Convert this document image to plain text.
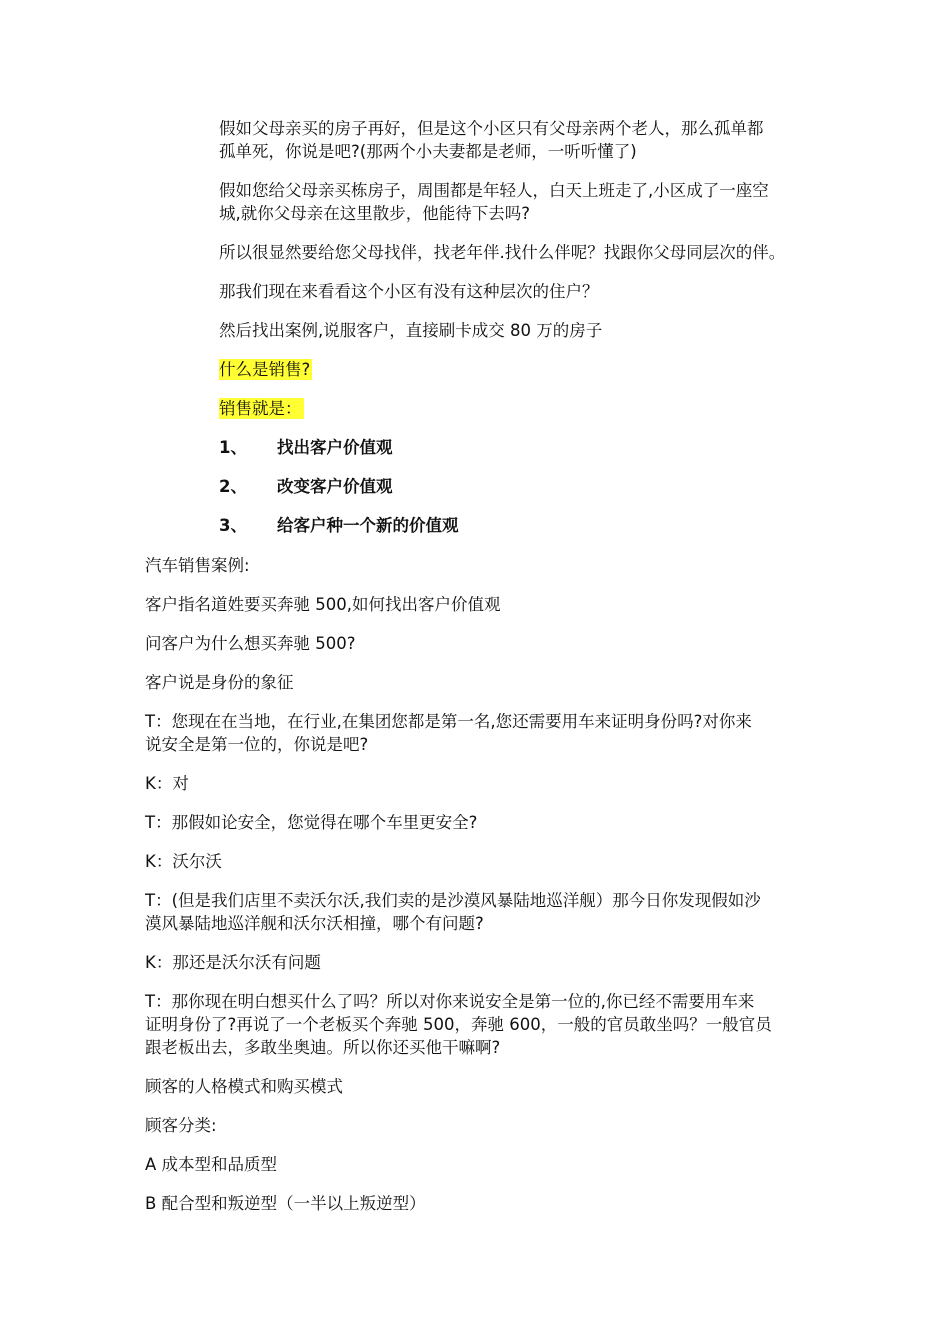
假如父母亲买的房子再好，但是这个小区只有父母亲两个老人，那么孤单都
孤单死，你说是吧?(那两个小夫妻都是老师，一听听懂了)
假如您给父母亲买栋房子，周围都是年轻人，白天上班走了,小区成了一座空
城,就你父母亲在这里散步，他能待下去吗?
所以很显然要给您父母找伴，找老年伴.找什么伴呢？找跟你父母同层次的伴。
那我们现在来看看这个小区有没有这种层次的住户？
然后找出案例,说服客户，直接刷卡成交 80 万的房子
什么是销售?
销售就是：
1、 找出客户价值观
2、 改变客户价值观
3、 给客户种一个新的价值观
汽车销售案例:
客户指名道姓要买奔驰 500,如何找出客户价值观
问客户为什么想买奔驰 500?
客户说是身份的象征
T：您现在在当地，在行业,在集团您都是第一名,您还需要用车来证明身份吗?对你来
说安全是第一位的，你说是吧?
K：对
T：那假如论安全，您觉得在哪个车里更安全?
K：沃尔沃
T：(但是我们店里不卖沃尔沃,我们卖的是沙漠风暴陆地巡洋舰）那今日你发现假如沙
漠风暴陆地巡洋舰和沃尔沃相撞，哪个有问题?
K：那还是沃尔沃有问题
T：那你现在明白想买什么了吗？所以对你来说安全是第一位的,你已经不需要用车来
证明身份了?再说了一个老板买个奔驰 500，奔驰 600，一般的官员敢坐吗？一般官员
跟老板出去，多敢坐奥迪。所以你还买他干嘛啊?
顾客的人格模式和购买模式
顾客分类:
A 成本型和品质型
B 配合型和叛逆型（一半以上叛逆型）
